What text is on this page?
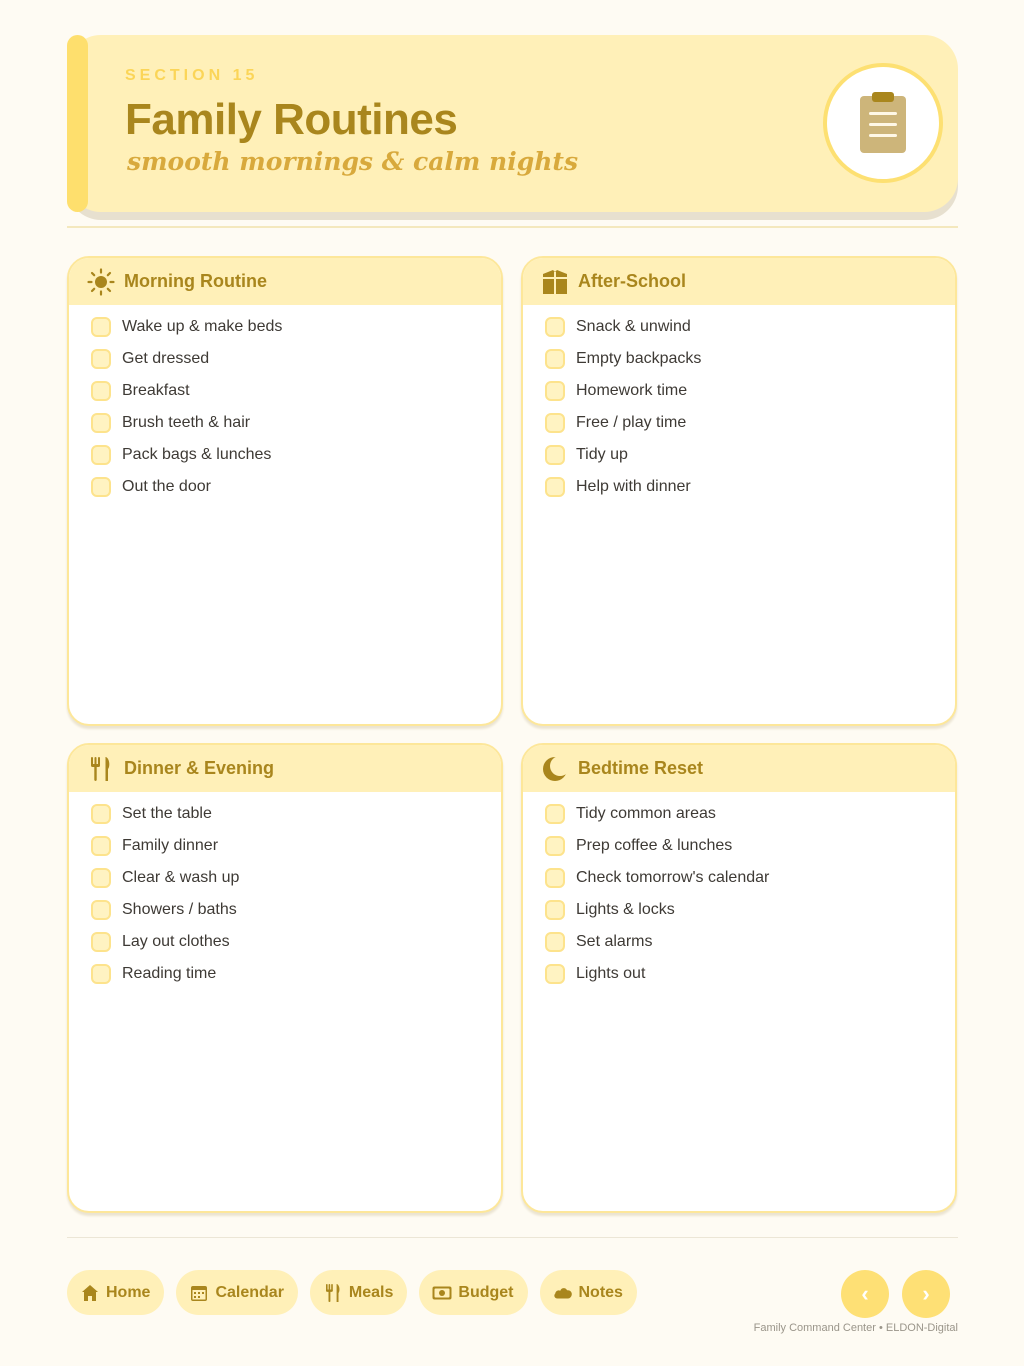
SECTION 15
Family Routines
smooth mornings & calm nights
Morning Routine
Wake up & make beds
Get dressed
Breakfast
Brush teeth & hair
Pack bags & lunches
Out the door
After-School
Snack & unwind
Empty backpacks
Homework time
Free / play time
Tidy up
Help with dinner
Dinner & Evening
Set the table
Family dinner
Clear & wash up
Showers / baths
Lay out clothes
Reading time
Bedtime Reset
Tidy common areas
Prep coffee & lunches
Check tomorrow's calendar
Lights & locks
Set alarms
Lights out
Home	Calendar	Meals	Budget	Notes	‹	›
Family Command Center • ELDON-Digital
